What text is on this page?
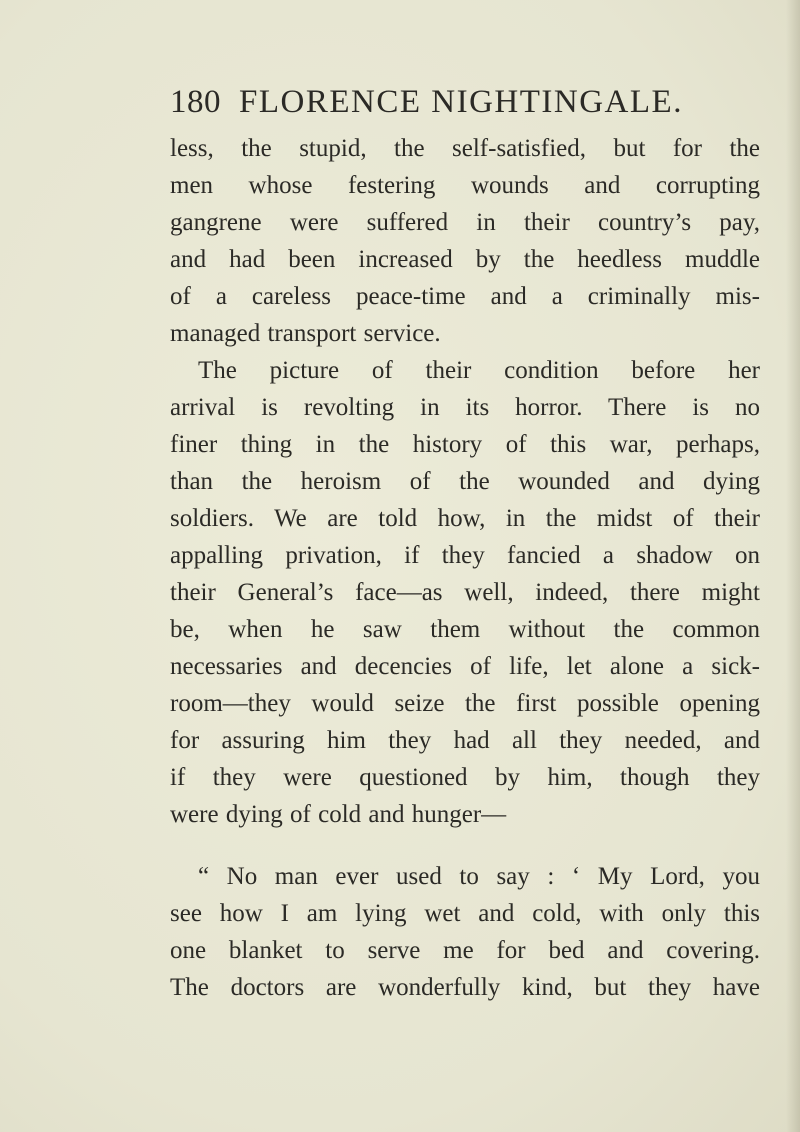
180 FLORENCE NIGHTINGALE.
less, the stupid, the self-satisfied, but for the
men whose festering wounds and corrupting
gangrene were suffered in their country’s pay,
and had been increased by the heedless muddle
of a careless peace-time and a criminally mis-
managed transport service.
The picture of their condition before her
arrival is revolting in its horror. There is no
finer thing in the history of this war, perhaps,
than the heroism of the wounded and dying
soldiers. We are told how, in the midst of their
appalling privation, if they fancied a shadow on
their General’s face—as well, indeed, there might
be, when he saw them without the common
necessaries and decencies of life, let alone a sick-
room—they would seize the first possible opening
for assuring him they had all they needed, and
if they were questioned by him, though they
were dying of cold and hunger—
“ No man ever used to say : ‘ My Lord, you
see how I am lying wet and cold, with only this
one blanket to serve me for bed and covering.
The doctors are wonderfully kind, but they have
